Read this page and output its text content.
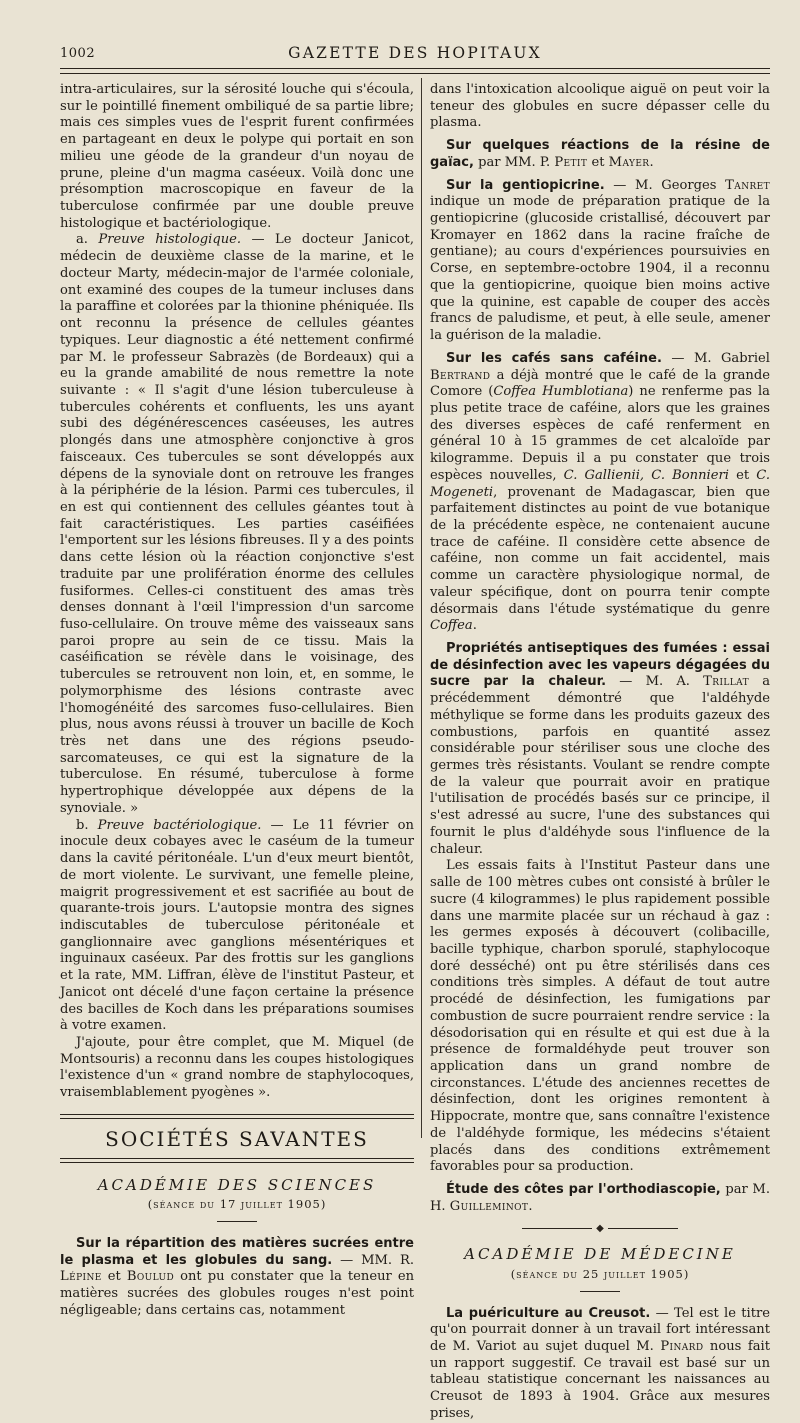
1002	GAZETTE DES HOPITAUX

intra-articulaires, sur la sérosité louche qui s'écoula, sur le pointillé finement ombiliqué de sa partie libre; mais ces simples vues de l'esprit furent confirmées en partageant en deux le polype qui portait en son milieu une géode de la grandeur d'un noyau de prune, pleine d'un magma caséeux. Voilà donc une présomption macroscopique en faveur de la tuberculose confirmée par une double preuve histologique et bactériologique.

a. Preuve histologique. — Le docteur Janicot, médecin de deuxième classe de la marine, et le docteur Marty, médecin-major de l'armée coloniale, ont examiné des coupes de la tumeur incluses dans la paraffine et colorées par la thionine phéniquée. Ils ont reconnu la présence de cellules géantes typiques. Leur diagnostic a été nettement confirmé par M. le professeur Sabrazès (de Bordeaux) qui a eu la grande amabilité de nous remettre la note suivante : « Il s'agit d'une lésion tuberculeuse à tubercules cohérents et confluents, les uns ayant subi des dégénérescences caséeuses, les autres plongés dans une atmosphère conjonctive à gros faisceaux. Ces tubercules se sont développés aux dépens de la synoviale dont on retrouve les franges à la périphérie de la lésion. Parmi ces tubercules, il en est qui contiennent des cellules géantes tout à fait caractéristiques. Les parties caséifiées l'emportent sur les lésions fibreuses. Il y a des points dans cette lésion où la réaction conjonctive s'est traduite par une prolifération énorme des cellules fusiformes. Celles-ci constituent des amas très denses donnant à l'œil l'impression d'un sarcome fuso-cellulaire. On trouve même des vaisseaux sans paroi propre au sein de ce tissu. Mais la caséification se révèle dans le voisinage, des tubercules se retrouvent non loin, et, en somme, le polymorphisme des lésions contraste avec l'homogénéité des sarcomes fuso-cellulaires. Bien plus, nous avons réussi à trouver un bacille de Koch très net dans une des régions pseudo-sarcomateuses, ce qui est la signature de la tuberculose. En résumé, tuberculose à forme hypertrophique développée aux dépens de la synoviale. »

b. Preuve bactériologique. — Le 11 février on inocule deux cobayes avec le caséum de la tumeur dans la cavité péritonéale. L'un d'eux meurt bientôt, de mort violente. Le survivant, une femelle pleine, maigrit progressivement et est sacrifiée au bout de quarante-trois jours. L'autopsie montra des signes indiscutables de tuberculose péritonéale et ganglionnaire avec ganglions mésentériques et inguinaux caséeux. Par des frottis sur les ganglions et la rate, MM. Liffran, élève de l'institut Pasteur, et Janicot ont décelé d'une façon certaine la présence des bacilles de Koch dans les préparations soumises à votre examen.

J'ajoute, pour être complet, que M. Miquel (de Montsouris) a reconnu dans les coupes histologiques l'existence d'un « grand nombre de staphylocoques, vraisemblablement pyogènes ».

SOCIÉTÉS SAVANTES
ACADÉMIE DES SCIENCES
(séance du 17 juillet 1905)

Sur la répartition des matières sucrées entre le plasma et les globules du sang. — MM. R. Lépine et Boulud ont pu constater que la teneur en matières sucrées des globules rouges n'est point négligeable; dans certains cas, notamment

dans l'intoxication alcoolique aiguë on peut voir la teneur des globules en sucre dépasser celle du plasma.

Sur quelques réactions de la résine de gaïac, par MM. P. Petit et Mayer.

Sur la gentiopicrine. — M. Georges Tanret indique un mode de préparation pratique de la gentiopicrine (glucoside cristallisé, découvert par Kromayer en 1862 dans la racine fraîche de gentiane); au cours d'expériences poursuivies en Corse, en septembre-octobre 1904, il a reconnu que la gentiopicrine, quoique bien moins active que la quinine, est capable de couper des accès francs de paludisme, et peut, à elle seule, amener la guérison de la maladie.

Sur les cafés sans caféine. — M. Gabriel Bertrand a déjà montré que le café de la grande Comore (Coffea Humblotiana) ne renferme pas la plus petite trace de caféine, alors que les graines des diverses espèces de café renferment en général 10 à 15 grammes de cet alcaloïde par kilogramme. Depuis il a pu constater que trois espèces nouvelles, C. Gallienii, C. Bonnieri et C. Mogeneti, provenant de Madagascar, bien que parfaitement distinctes au point de vue botanique de la précédente espèce, ne contenaient aucune trace de caféine. Il considère cette absence de caféine, non comme un fait accidentel, mais comme un caractère physiologique normal, de valeur spécifique, dont on pourra tenir compte désormais dans l'étude systématique du genre Coffea.

Propriétés antiseptiques des fumées : essai de désinfection avec les vapeurs dégagées du sucre par la chaleur. — M. A. Trillat a précédemment démontré que l'aldéhyde méthylique se forme dans les produits gazeux des combustions, parfois en quantité assez considérable pour stériliser sous une cloche des germes très résistants. Voulant se rendre compte de la valeur que pourrait avoir en pratique l'utilisation de procédés basés sur ce principe, il s'est adressé au sucre, l'une des substances qui fournit le plus d'aldéhyde sous l'influence de la chaleur.

Les essais faits à l'Institut Pasteur dans une salle de 100 mètres cubes ont consisté à brûler le sucre (4 kilogrammes) le plus rapidement possible dans une marmite placée sur un réchaud à gaz : les germes exposés à découvert (colibacille, bacille typhique, charbon sporulé, staphylocoque doré desséché) ont pu être stérilisés dans ces conditions très simples. A défaut de tout autre procédé de désinfection, les fumigations par combustion de sucre pourraient rendre service : la désodorisation qui en résulte et qui est due à la présence de formaldéhyde peut trouver son application dans un grand nombre de circonstances. L'étude des anciennes recettes de désinfection, dont les origines remontent à Hippocrate, montre que, sans connaître l'existence de l'aldéhyde formique, les médecins s'étaient placés dans des conditions extrêmement favorables pour sa production.

Étude des côtes par l'orthodiascopie, par M. H. Guilleminot.

◆
ACADÉMIE DE MÉDECINE
(séance du 25 juillet 1905)

La puériculture au Creusot. — Tel est le titre qu'on pourrait donner à un travail fort intéressant de M. Variot au sujet duquel M. Pinard nous fait un rapport suggestif. Ce travail est basé sur un tableau statistique concernant les naissances au Creusot de 1893 à 1904. Grâce aux mesures prises,
